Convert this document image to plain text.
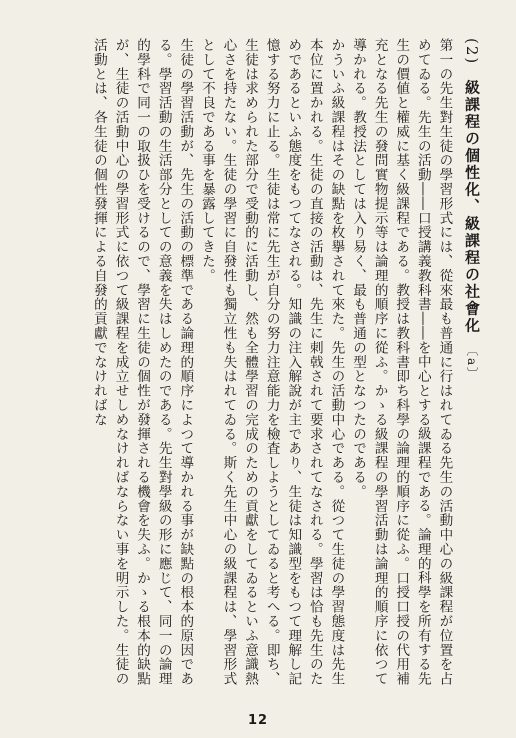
(2)級課程の個性化、級課程の社會化〔a〕

第一の先生對生徒の學習形式には、從來最も普通に行はれてゐる先生の活動中心の級課程が位置を占めてゐる。先生の活動――口授講義教科書――を中心とする級課程である。論理的科學を所有する先生の價値と權威に基く級課程である。教授は教科書即ち科學の論理的順序に從ふ。口授口授の代用補充となる先生の發問實物提示等は論理的順序に從ふ。かゝる級課程の學習活動は論理的順序に依つて導かれる。教授法としては入り易く、最も普通の型となつたのである。

かういふ級課程はその缺點を枚擧されて來た。先生の活動中心である。從つて生徒の學習態度は先生本位に置かれる。生徒の直接の活動は、先生に刺戟されて要求されてなされる。學習は恰も先生のためであるといふ態度をもつてなされる。知識の注入解說が主であり、生徒は知識型をもつて理解し記憶する努力に止る。生徒は常に先生が自分の努力注意能力を檢査しようとしてゐると考へる。即ち、生徒は求められた部分で受動的に活動し、然も全體學習の完成のための貢獻をしてゐるといふ意識熱心さを持たない。生徒の學習に自發性も獨立性も失はれてゐる。斯く先生中心の級課程は、學習形式として不良である事を暴露してきた。

生徒の學習活動が、先生の活動の標準である論理的順序によつて導かれる事が缺點の根本的原因である。學習活動の生活部分としての意義を失はしめたのである。先生對學級の形に應じて、同一の論理的學科で同一の取扱ひを受けるので、學習に生徒の個性が發揮される機會を失ふ。かゝる根本的缺點が、生徒の活動中心の學習形式に依つて級課程を成立せしめなければならない事を明示した。生徒の活動とは、各生徒の個性發揮による自發的貢獻でなければな

12
